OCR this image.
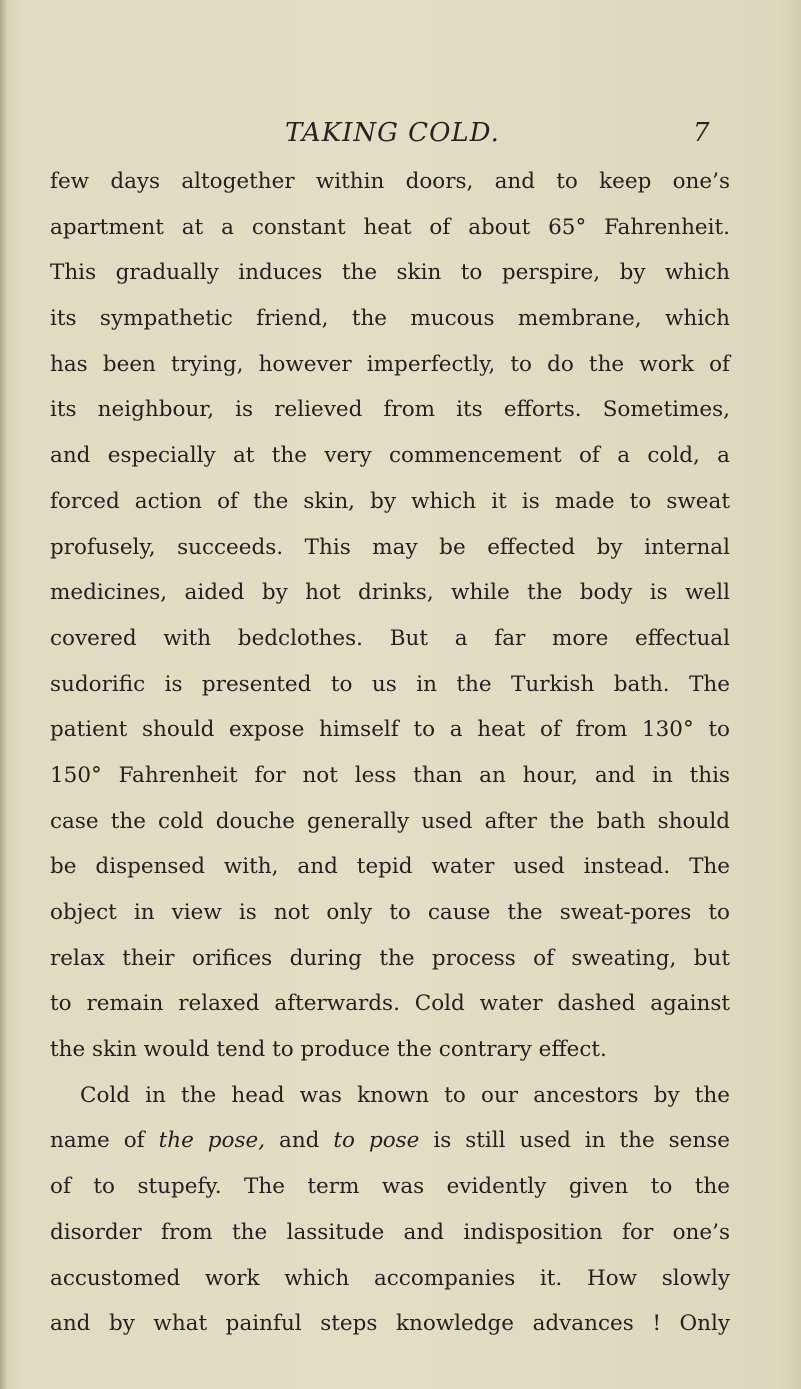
TAKING COLD.	7
few days altogether within doors, and to keep one’s
apartment at a constant heat of about 65° Fahrenheit.
This gradually induces the skin to perspire, by which
its sympathetic friend, the mucous membrane, which
has been trying, however imperfectly, to do the work of
its neighbour, is relieved from its efforts. Sometimes,
and especially at the very commencement of a cold, a
forced action of the skin, by which it is made to sweat
profusely, succeeds. This may be effected by internal
medicines, aided by hot drinks, while the body is well
covered with bedclothes. But a far more effectual
sudorific is presented to us in the Turkish bath. The
patient should expose himself to a heat of from 130° to
150° Fahrenheit for not less than an hour, and in this
case the cold douche generally used after the bath should
be dispensed with, and tepid water used instead. The
object in view is not only to cause the sweat-pores to
relax their orifices during the process of sweating, but
to remain relaxed afterwards. Cold water dashed against
the skin would tend to produce the contrary effect.
Cold in the head was known to our ancestors by the
name of the pose, and to pose is still used in the sense
of to stupefy. The term was evidently given to the
disorder from the lassitude and indisposition for one’s
accustomed work which accompanies it. How slowly
and by what painful steps knowledge advances ! Only
